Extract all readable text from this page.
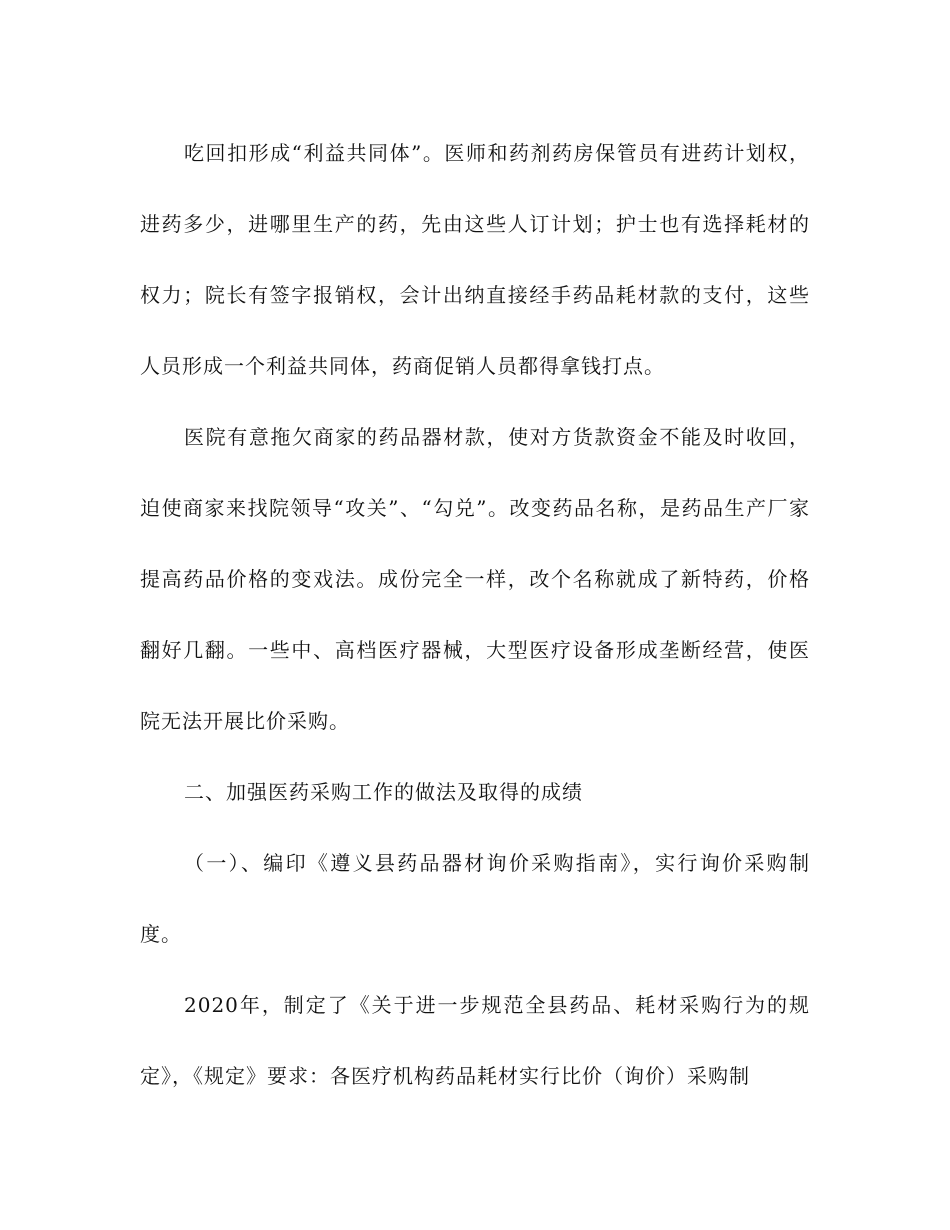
吃回扣形成“利益共同体”。医师和药剂药房保管员有进药计划权，进药多少，进哪里生产的药，先由这些人订计划；护士也有选择耗材的权力；院长有签字报销权，会计出纳直接经手药品耗材款的支付，这些人员形成一个利益共同体，药商促销人员都得拿钱打点。

医院有意拖欠商家的药品器材款，使对方货款资金不能及时收回，迫使商家来找院领导“攻关”、“勾兑”。改变药品名称，是药品生产厂家提高药品价格的变戏法。成份完全一样，改个名称就成了新特药，价格翻好几翻。一些中、高档医疗器械，大型医疗设备形成垄断经营，使医院无法开展比价采购。

二、加强医药采购工作的做法及取得的成绩

（一）、编印《遵义县药品器材询价采购指南》，实行询价采购制度。

2020年，制定了《关于进一步规范全县药品、耗材采购行为的规定》，《规定》要求：各医疗机构药品耗材实行比价（询价）采购制
